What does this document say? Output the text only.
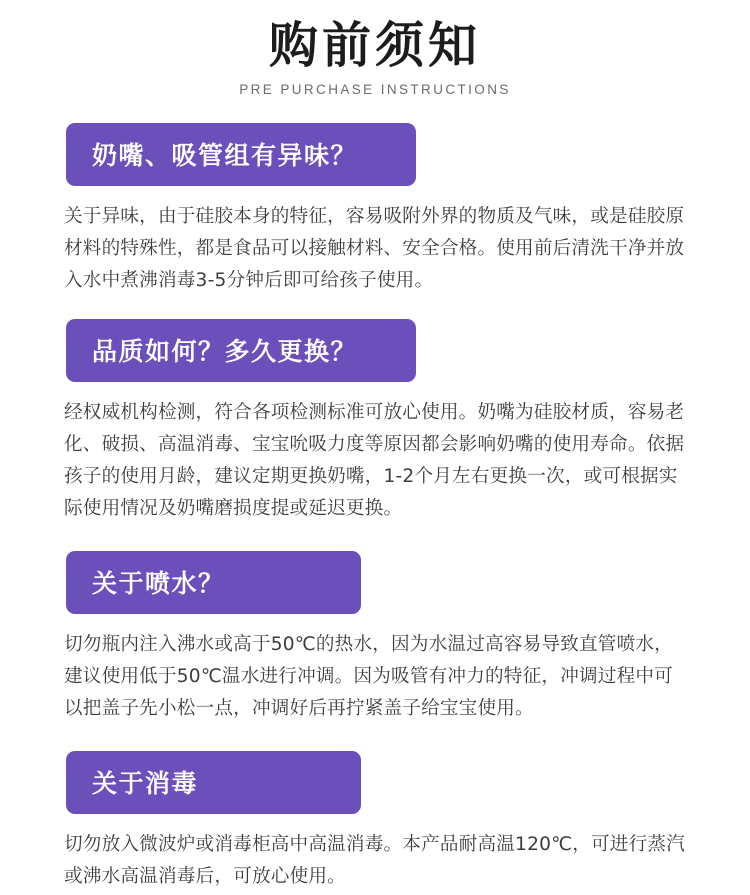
购前须知
PRE PURCHASE INSTRUCTIONS
奶嘴、吸管组有异味？
关于异味，由于硅胶本身的特征，容易吸附外界的物质及气味，或是硅胶原材料的特殊性，都是食品可以接触材料、安全合格。使用前后清洗干净并放入水中煮沸消毒3-5分钟后即可给孩子使用。
品质如何？多久更换？
经权威机构检测，符合各项检测标准可放心使用。奶嘴为硅胶材质，容易老化、破损、高温消毒、宝宝吮吸力度等原因都会影响奶嘴的使用寿命。依据孩子的使用月龄，建议定期更换奶嘴，1-2个月左右更换一次，或可根据实际使用情况及奶嘴磨损度提或延迟更换。
关于喷水？
切勿瓶内注入沸水或高于50℃的热水，因为水温过高容易导致直管喷水，建议使用低于50℃温水进行冲调。因为吸管有冲力的特征，冲调过程中可以把盖子先小松一点，冲调好后再拧紧盖子给宝宝使用。
关于消毒
切勿放入微波炉或消毒柜高中高温消毒。本产品耐高温120℃，可进行蒸汽或沸水高温消毒后，可放心使用。
